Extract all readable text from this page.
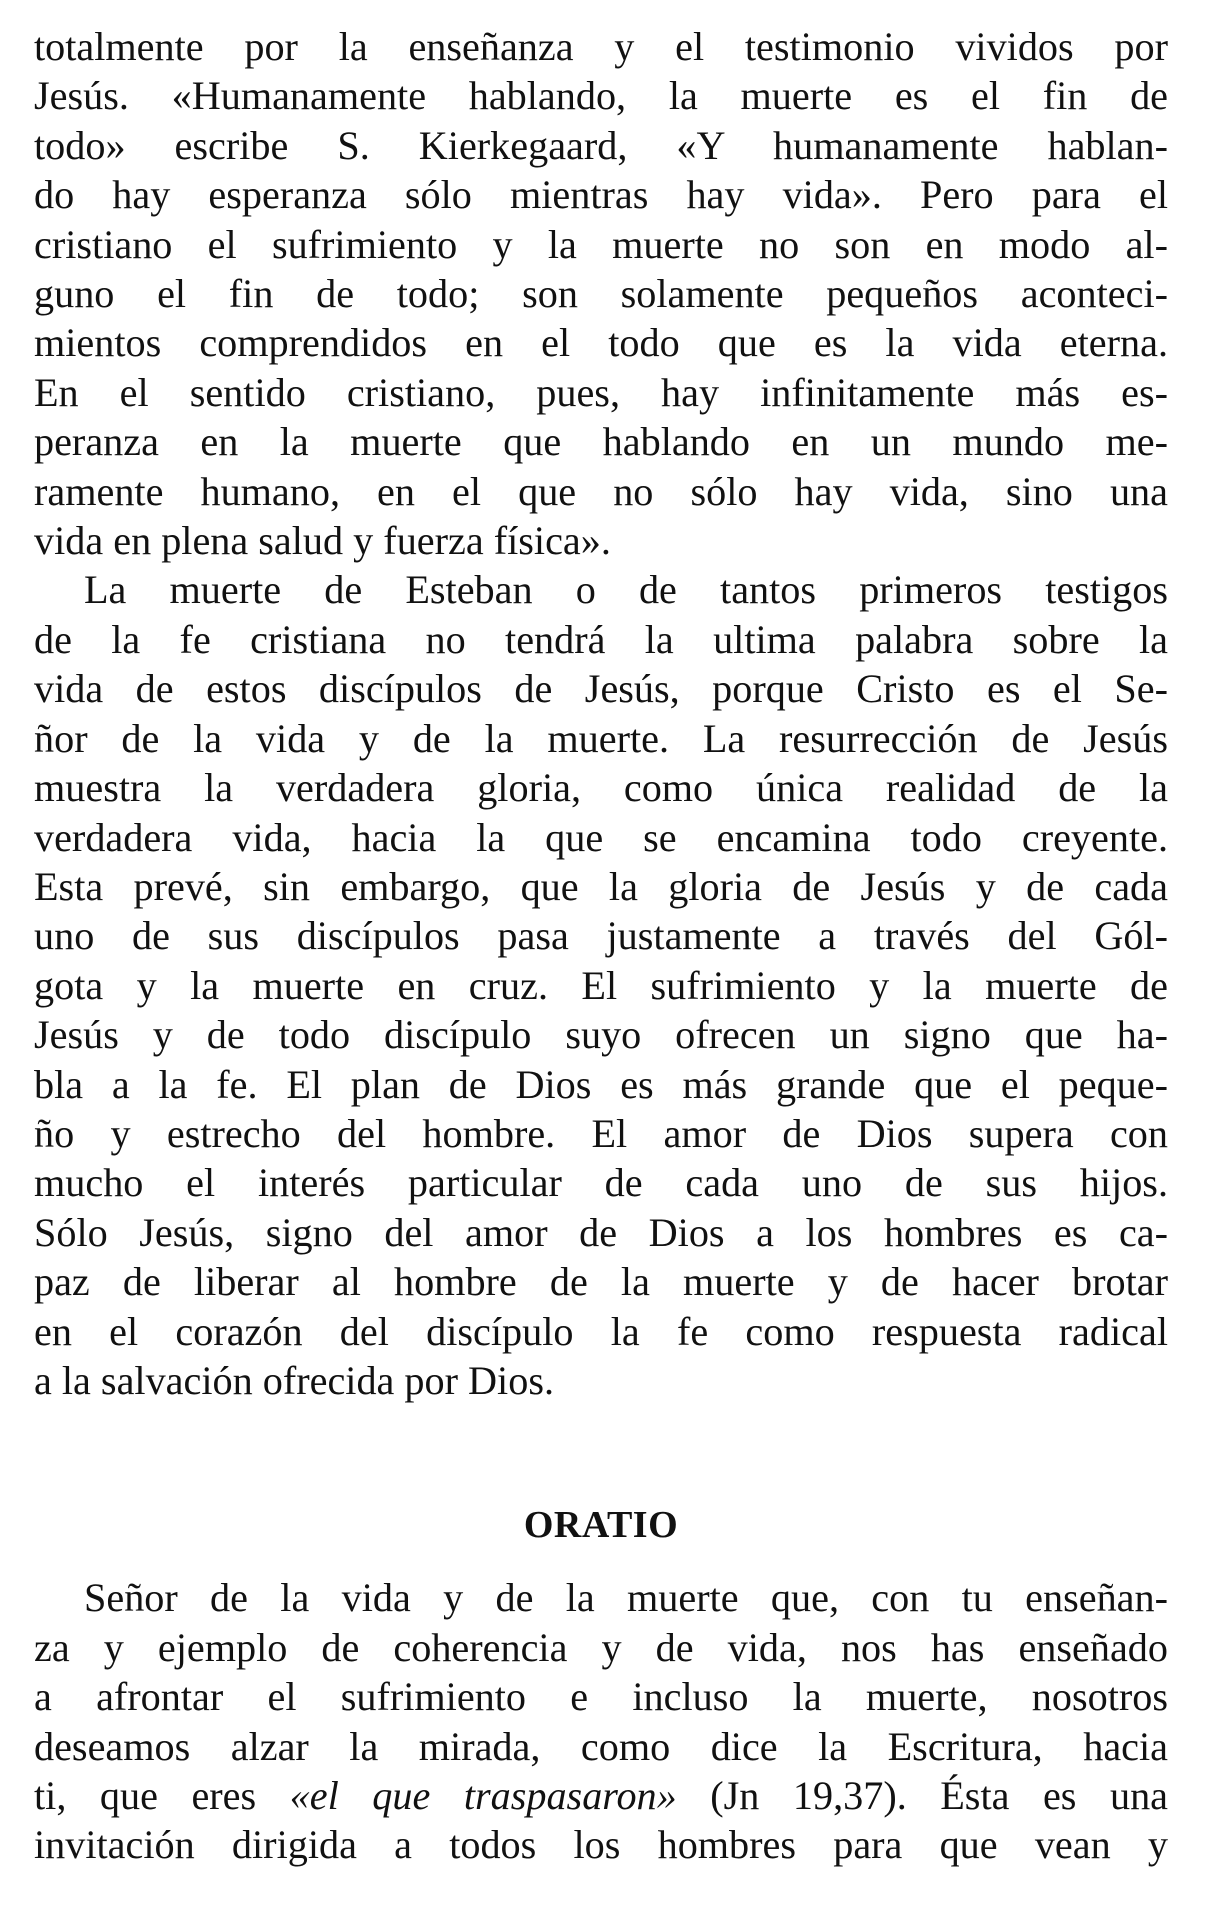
totalmente por la enseñanza y el testimonio vividos por
Jesús. «Humanamente hablando, la muerte es el fin de
todo» escribe S. Kierkegaard, «Y humanamente hablan-
do hay esperanza sólo mientras hay vida». Pero para el
cristiano el sufrimiento y la muerte no son en modo al-
guno el fin de todo; son solamente pequeños aconteci-
mientos comprendidos en el todo que es la vida eterna.
En el sentido cristiano, pues, hay infinitamente más es-
peranza en la muerte que hablando en un mundo me-
ramente humano, en el que no sólo hay vida, sino una
vida en plena salud y fuerza física».

La muerte de Esteban o de tantos primeros testigos
de la fe cristiana no tendrá la ultima palabra sobre la
vida de estos discípulos de Jesús, porque Cristo es el Se-
ñor de la vida y de la muerte. La resurrección de Jesús
muestra la verdadera gloria, como única realidad de la
verdadera vida, hacia la que se encamina todo creyente.
Esta prevé, sin embargo, que la gloria de Jesús y de cada
uno de sus discípulos pasa justamente a través del Gól-
gota y la muerte en cruz. El sufrimiento y la muerte de
Jesús y de todo discípulo suyo ofrecen un signo que ha-
bla a la fe. El plan de Dios es más grande que el peque-
ño y estrecho del hombre. El amor de Dios supera con
mucho el interés particular de cada uno de sus hijos.
Sólo Jesús, signo del amor de Dios a los hombres es ca-
paz de liberar al hombre de la muerte y de hacer brotar
en el corazón del discípulo la fe como respuesta radical
a la salvación ofrecida por Dios.

ORATIO

Señor de la vida y de la muerte que, con tu enseñan-
za y ejemplo de coherencia y de vida, nos has enseñado
a afrontar el sufrimiento e incluso la muerte, nosotros
deseamos alzar la mirada, como dice la Escritura, hacia
ti, que eres «el que traspasaron» (Jn 19,37). Ésta es una
invitación dirigida a todos los hombres para que vean y
